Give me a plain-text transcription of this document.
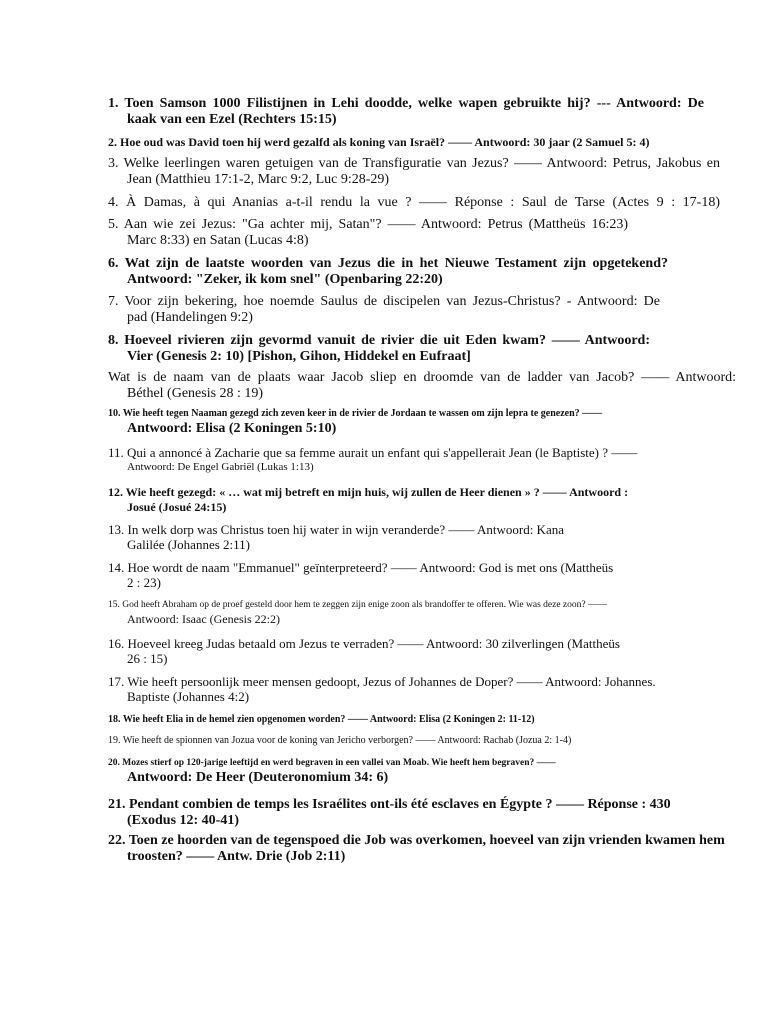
1. Toen Samson 1000 Filistijnen in Lehi doodde, welke wapen gebruikte hij? --- Antwoord: De
kaak van een Ezel (Rechters 15:15)

2. Hoe oud was David toen hij werd gezalfd als koning van Israël? —— Antwoord: 30 jaar (2 Samuel 5: 4)

3. Welke leerlingen waren getuigen van de Transfiguratie van Jezus? —— Antwoord: Petrus, Jakobus en
Jean (Matthieu 17:1-2, Marc 9:2, Luc 9:28-29)

4. À Damas, à qui Ananias a-t-il rendu la vue ? —— Réponse : Saul de Tarse (Actes 9 : 17-18)

5. Aan wie zei Jezus: "Ga achter mij, Satan"? —— Antwoord: Petrus (Mattheüs 16:23)
Marc 8:33) en Satan (Lucas 4:8)

6. Wat zijn de laatste woorden van Jezus die in het Nieuwe Testament zijn opgetekend?
Antwoord: "Zeker, ik kom snel" (Openbaring 22:20)

7. Voor zijn bekering, hoe noemde Saulus de discipelen van Jezus-Christus? - Antwoord: De
pad (Handelingen 9:2)

8. Hoeveel rivieren zijn gevormd vanuit de rivier die uit Eden kwam? —— Antwoord:
Vier (Genesis 2: 10) [Pishon, Gihon, Hiddekel en Eufraat]

Wat is de naam van de plaats waar Jacob sliep en droomde van de ladder van Jacob? —— Antwoord:
Béthel (Genesis 28 : 19)

10. Wie heeft tegen Naaman gezegd zich zeven keer in de rivier de Jordaan te wassen om zijn lepra te genezen? ——
Antwoord: Elisa (2 Koningen 5:10)

11. Qui a annoncé à Zacharie que sa femme aurait un enfant qui s'appellerait Jean (le Baptiste) ? ——
Antwoord: De Engel Gabriël (Lukas 1:13)

12. Wie heeft gezegd: « … wat mij betreft en mijn huis, wij zullen de Heer dienen » ? —— Antwoord :
Josué (Josué 24:15)

13. In welk dorp was Christus toen hij water in wijn veranderde? —— Antwoord: Kana
Galilée (Johannes 2:11)

14. Hoe wordt de naam "Emmanuel" geïnterpreteerd? —— Antwoord: God is met ons (Mattheüs
2 : 23)

15. God heeft Abraham op de proef gesteld door hem te zeggen zijn enige zoon als brandoffer te offeren. Wie was deze zoon? ——
Antwoord: Isaac (Genesis 22:2)

16. Hoeveel kreeg Judas betaald om Jezus te verraden? —— Antwoord: 30 zilverlingen (Mattheüs
26 : 15)

17. Wie heeft persoonlijk meer mensen gedoopt, Jezus of Johannes de Doper? —— Antwoord: Johannes.
Baptiste (Johannes 4:2)

18. Wie heeft Elia in de hemel zien opgenomen worden? —— Antwoord: Elisa (2 Koningen 2: 11-12)

19. Wie heeft de spionnen van Jozua voor de koning van Jericho verborgen? —— Antwoord: Rachab (Jozua 2: 1-4)

20. Mozes stierf op 120-jarige leeftijd en werd begraven in een vallei van Moab. Wie heeft hem begraven? ——
Antwoord: De Heer (Deuteronomium 34: 6)

21. Pendant combien de temps les Israélites ont-ils été esclaves en Égypte ? —— Réponse : 430
(Exodus 12: 40-41)

22. Toen ze hoorden van de tegenspoed die Job was overkomen, hoeveel van zijn vrienden kwamen hem
troosten? —— Antw. Drie (Job 2:11)
